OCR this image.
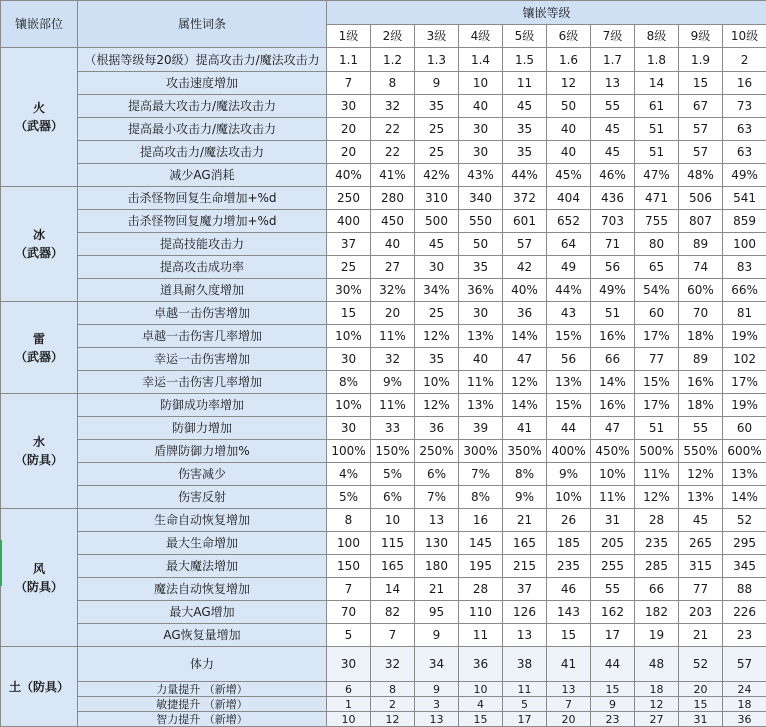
镶嵌部位	属性词条	镶嵌等级									
		1级	2级	3级	4级	5级	6级	7级	8级	9级	10级
火
（武器）	（根据等级每20级）提高攻击力/魔法攻击力	1.1	1.2	1.3	1.4	1.5	1.6	1.7	1.8	1.9	2
	攻击速度增加	7	8	9	10	11	12	13	14	15	16
	提高最大攻击力/魔法攻击力	30	32	35	40	45	50	55	61	67	73
	提高最小攻击力/魔法攻击力	20	22	25	30	35	40	45	51	57	63
	提高攻击力/魔法攻击力	20	22	25	30	35	40	45	51	57	63
	减少AG消耗	40%	41%	42%	43%	44%	45%	46%	47%	48%	49%
冰
（武器）	击杀怪物回复生命增加+%d	250	280	310	340	372	404	436	471	506	541
	击杀怪物回复魔力增加+%d	400	450	500	550	601	652	703	755	807	859
	提高技能攻击力	37	40	45	50	57	64	71	80	89	100
	提高攻击成功率	25	27	30	35	42	49	56	65	74	83
	道具耐久度增加	30%	32%	34%	36%	40%	44%	49%	54%	60%	66%
雷
（武器）	卓越一击伤害增加	15	20	25	30	36	43	51	60	70	81
	卓越一击伤害几率增加	10%	11%	12%	13%	14%	15%	16%	17%	18%	19%
	幸运一击伤害增加	30	32	35	40	47	56	66	77	89	102
	幸运一击伤害几率增加	8%	9%	10%	11%	12%	13%	14%	15%	16%	17%
水
（防具）	防御成功率增加	10%	11%	12%	13%	14%	15%	16%	17%	18%	19%
	防御力增加	30	33	36	39	41	44	47	51	55	60
	盾牌防御力增加%	100%	150%	250%	300%	350%	400%	450%	500%	550%	600%
	伤害减少	4%	5%	6%	7%	8%	9%	10%	11%	12%	13%
	伤害反射	5%	6%	7%	8%	9%	10%	11%	12%	13%	14%
风
（防具）	生命自动恢复增加	8	10	13	16	21	26	31	28	45	52
	最大生命增加	100	115	130	145	165	185	205	235	265	295
	最大魔法增加	150	165	180	195	215	235	255	285	315	345
	魔法自动恢复增加	7	14	21	28	37	46	55	66	77	88
	最大AG增加	70	82	95	110	126	143	162	182	203	226
	AG恢复量增加	5	7	9	11	13	15	17	19	21	23
土（防具）	体力	30	32	34	36	38	41	44	48	52	57
	力量提升 （新增）	6	8	9	10	11	13	15	18	20	24
	敏捷提升 （新增）	1	2	3	4	5	7	9	12	15	18
	智力提升 （新增）	10	12	13	15	17	20	23	27	31	36
